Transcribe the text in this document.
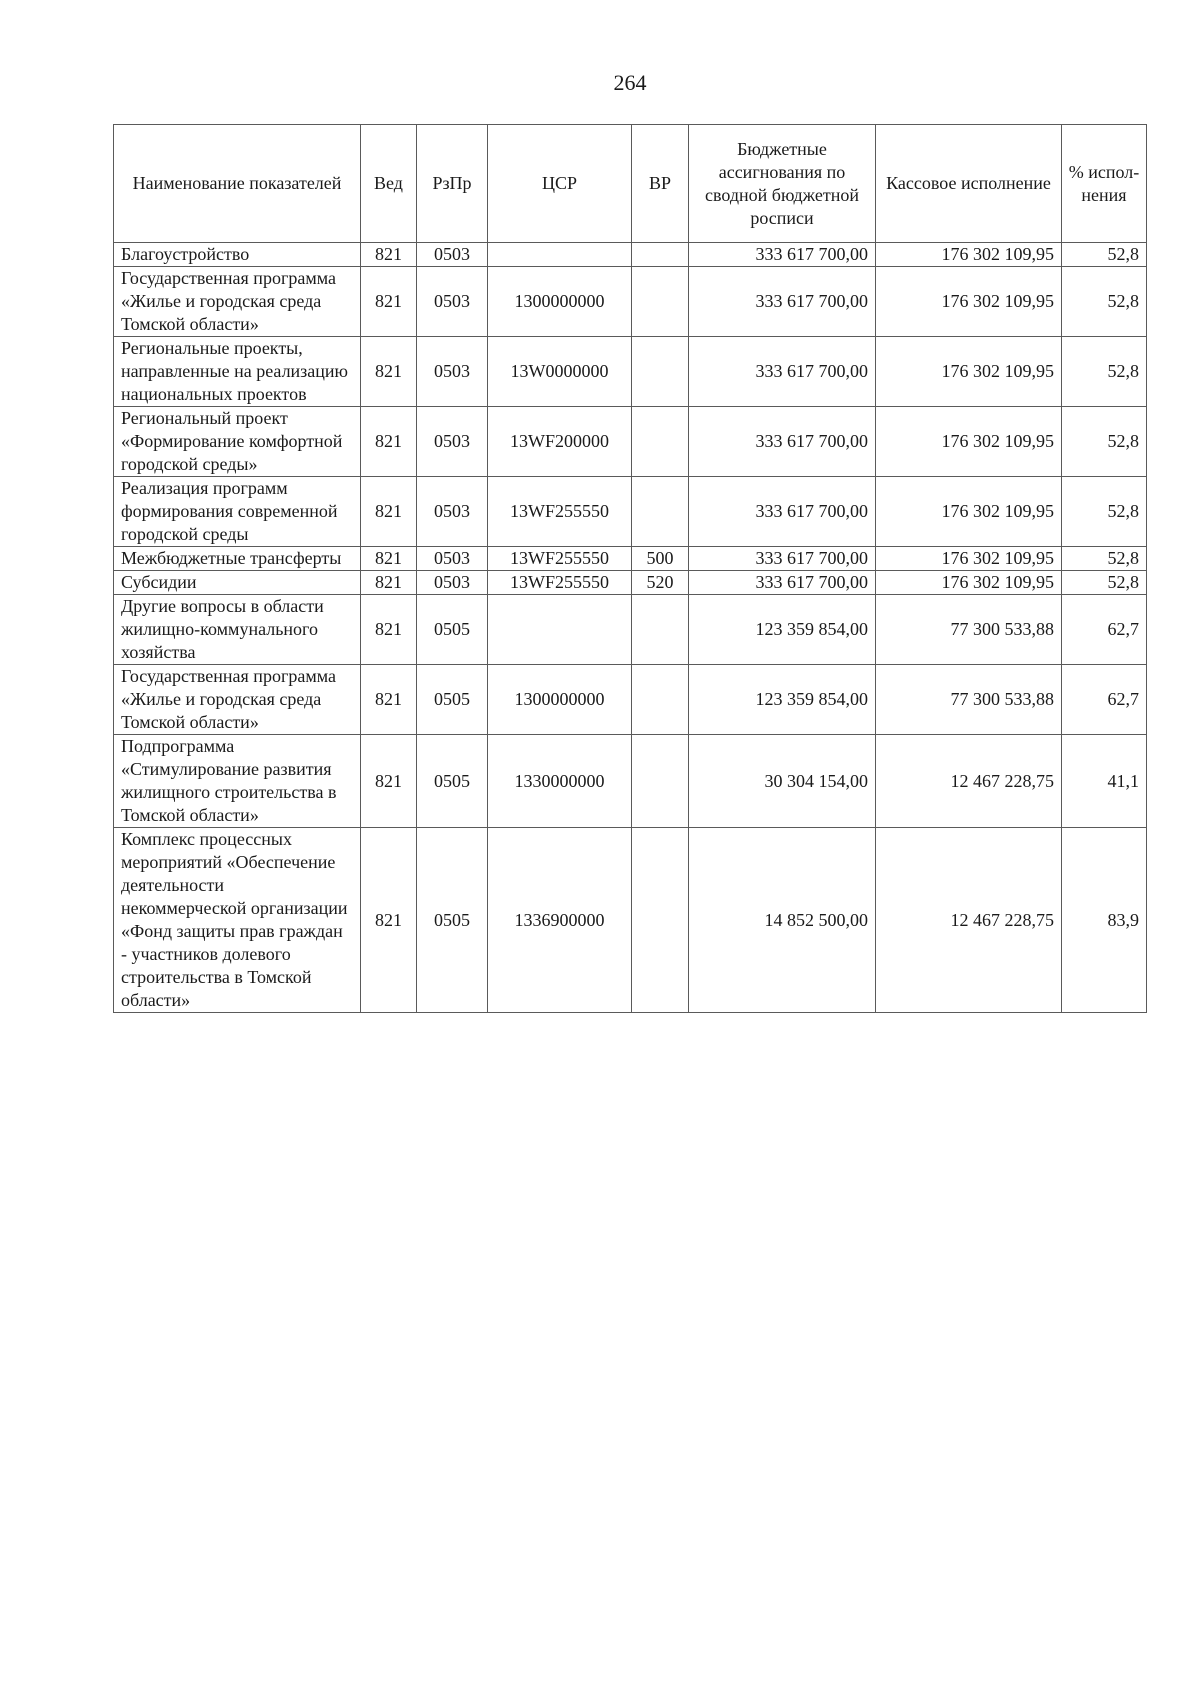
264
Наименование показателей	Вед	РзПр	ЦСР	ВР	Бюджетные ассигнования по сводной бюджетной росписи	Кассовое исполнение	% испол-нения
Благоустройство	821	0503			333 617 700,00	176 302 109,95	52,8
Государственная программа «Жилье и городская среда Томской области»	821	0503	1300000000		333 617 700,00	176 302 109,95	52,8
Региональные проекты, направленные на реализацию национальных проектов	821	0503	13W0000000		333 617 700,00	176 302 109,95	52,8
Региональный проект «Формирование комфортной городской среды»	821	0503	13WF200000		333 617 700,00	176 302 109,95	52,8
Реализация программ формирования современной городской среды	821	0503	13WF255550		333 617 700,00	176 302 109,95	52,8
Межбюджетные трансферты	821	0503	13WF255550	500	333 617 700,00	176 302 109,95	52,8
Субсидии	821	0503	13WF255550	520	333 617 700,00	176 302 109,95	52,8
Другие вопросы в области жилищно-коммунального хозяйства	821	0505			123 359 854,00	77 300 533,88	62,7
Государственная программа «Жилье и городская среда Томской области»	821	0505	1300000000		123 359 854,00	77 300 533,88	62,7
Подпрограмма «Стимулирование развития жилищного строительства в Томской области»	821	0505	1330000000		30 304 154,00	12 467 228,75	41,1
Комплекс процессных мероприятий «Обеспечение деятельности некоммерческой организации «Фонд защиты прав граждан - участников долевого строительства в Томской области»	821	0505	1336900000		14 852 500,00	12 467 228,75	83,9
